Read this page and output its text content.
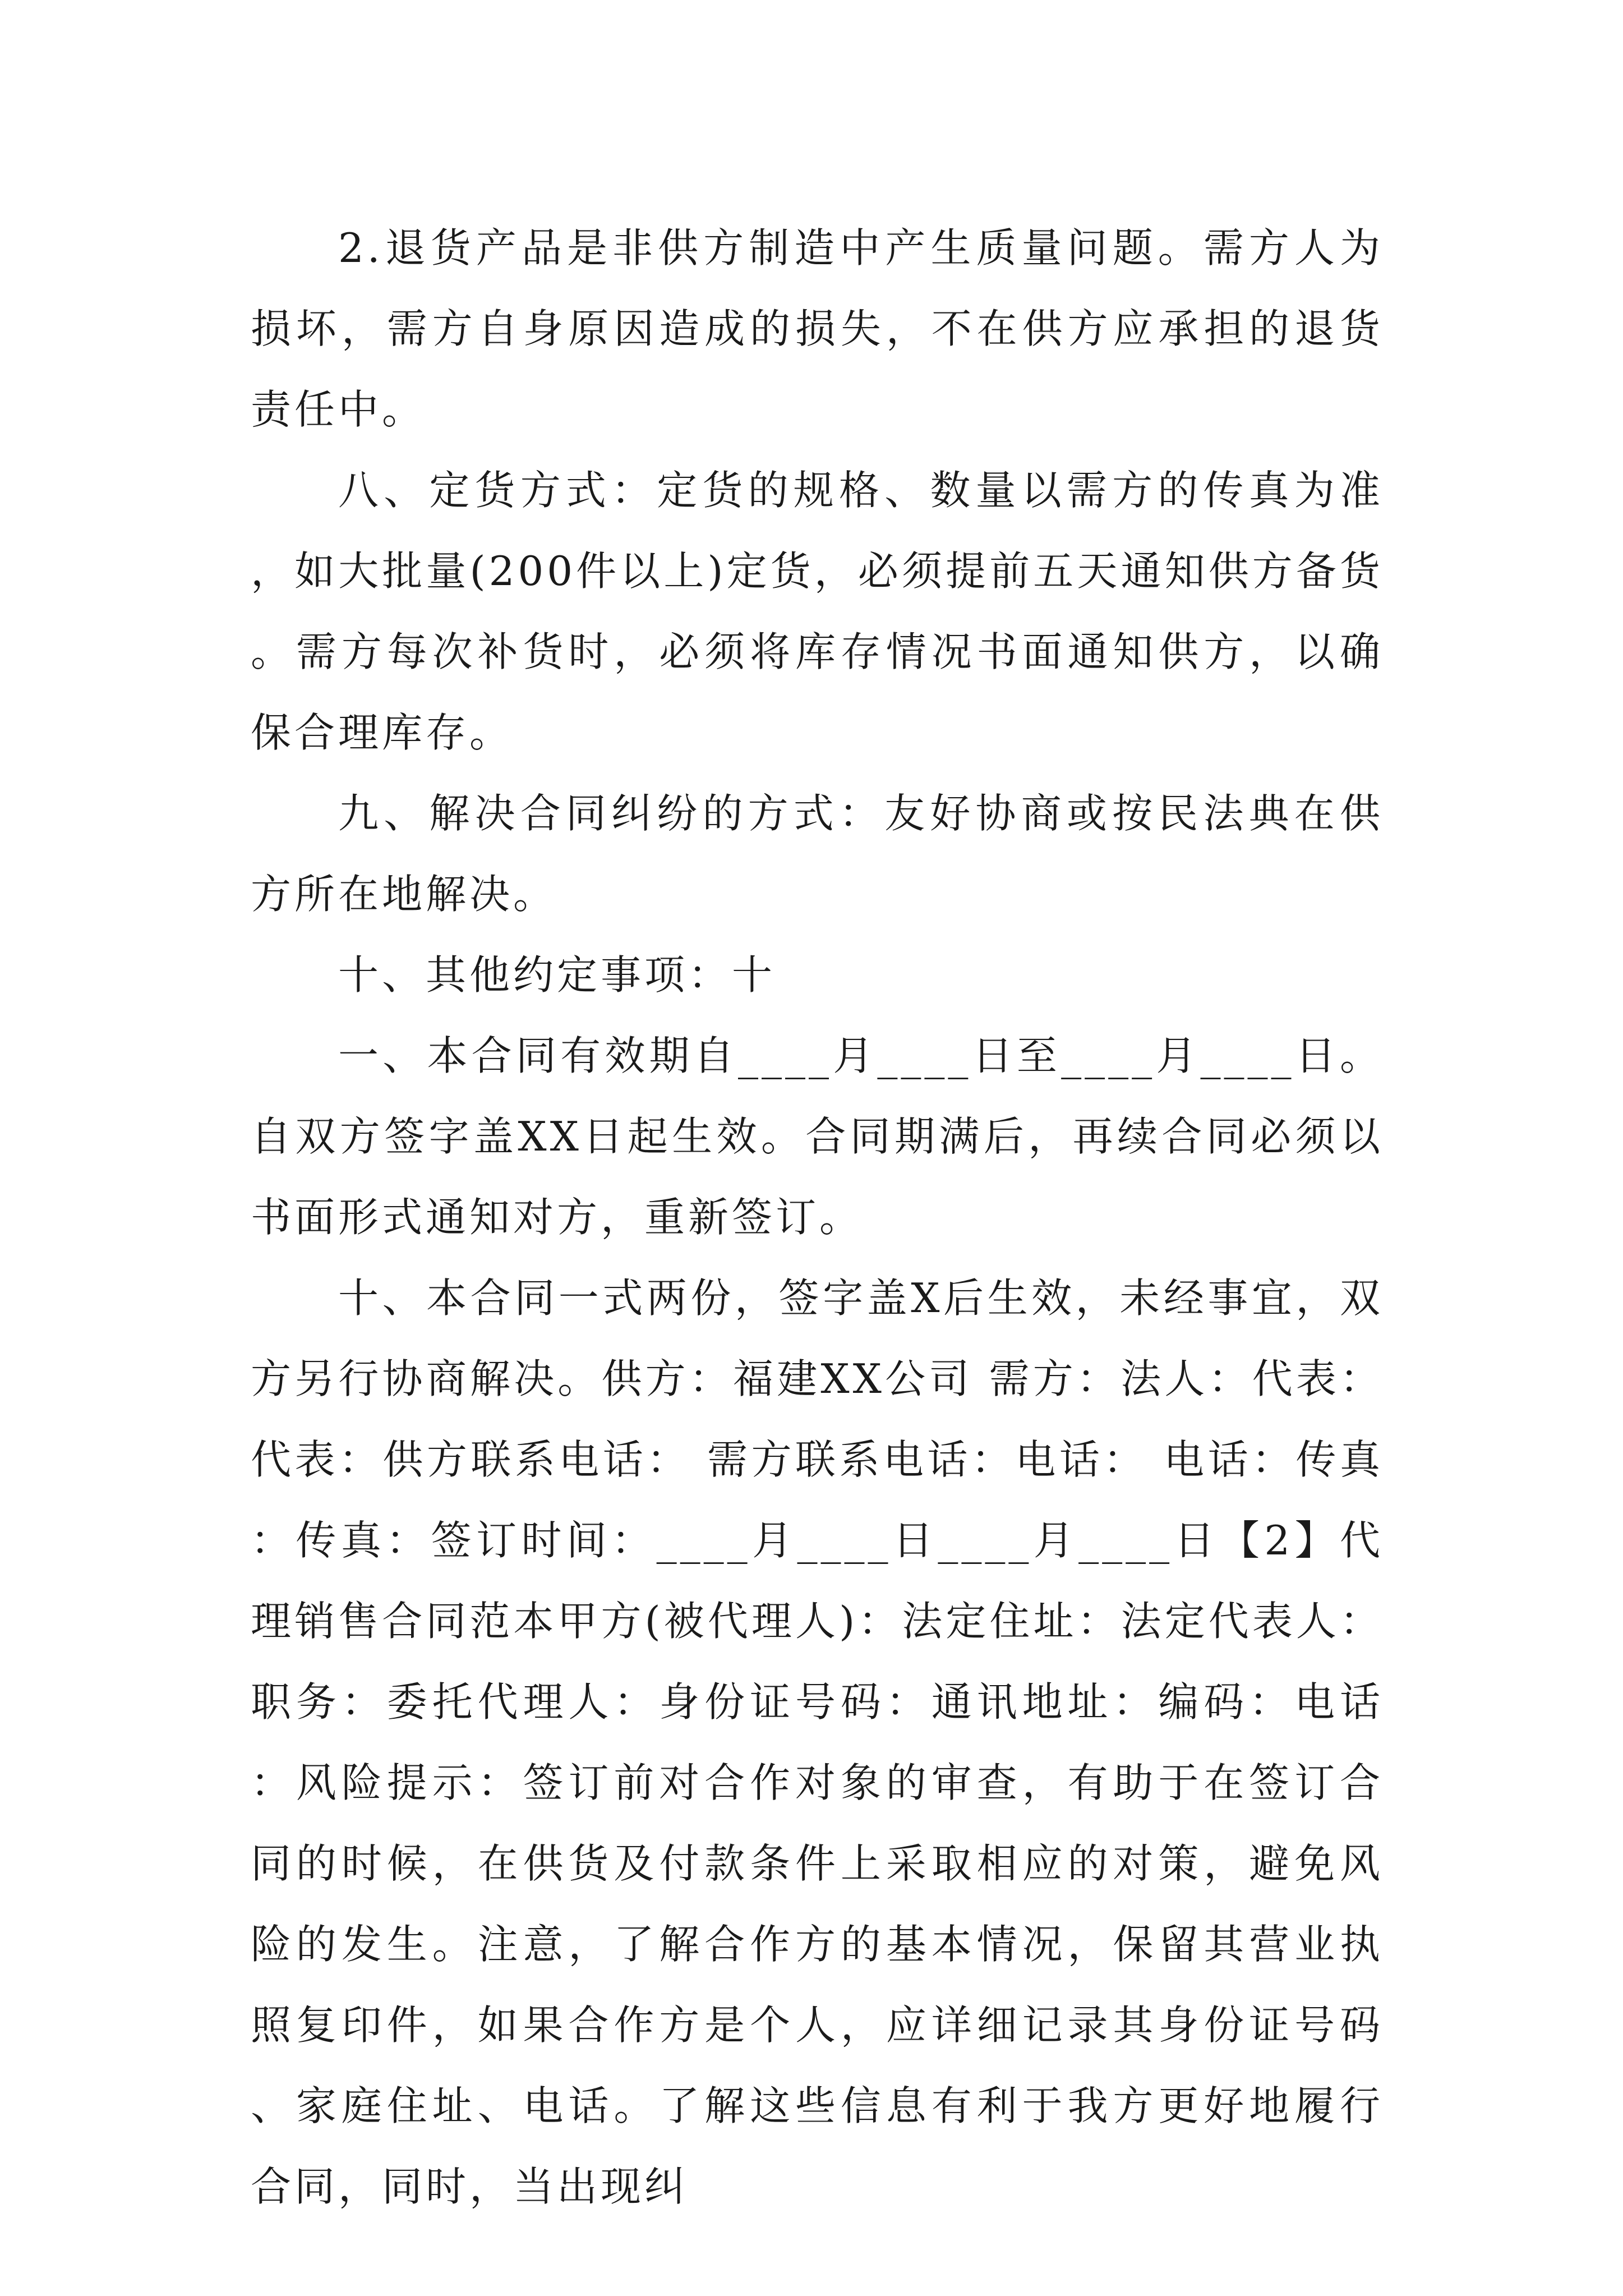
2.退货产品是非供方制造中产生质量问题。需方人为损坏，需方自身原因造成的损失，不在供方应承担的退货责任中。

八、定货方式：定货的规格、数量以需方的传真为准，如大批量(200件以上)定货，必须提前五天通知供方备货。需方每次补货时，必须将库存情况书面通知供方，以确保合理库存。

九、解决合同纠纷的方式：友好协商或按民法典在供方所在地解决。

十、其他约定事项：十

一、本合同有效期自____月____日至____月____日。自双方签字盖XX日起生效。合同期满后，再续合同必须以书面形式通知对方，重新签订。

十、本合同一式两份，签字盖X后生效，未经事宜，双方另行协商解决。供方：福建XX公司 需方：法人：代表：代表：供方联系电话： 需方联系电话：电话： 电话：传真：传真：签订时间：____月____日____月____日【2】代理销售合同范本甲方(被代理人)：法定住址：法定代表人：职务：委托代理人：身份证号码：通讯地址：编码：电话：风险提示：签订前对合作对象的审查，有助于在签订合同的时候，在供货及付款条件上采取相应的对策，避免风险的发生。注意，了解合作方的基本情况，保留其营业执照复印件，如果合作方是个人，应详细记录其身份证号码、家庭住址、电话。了解这些信息有利于我方更好地履行合同，同时，当出现纠
